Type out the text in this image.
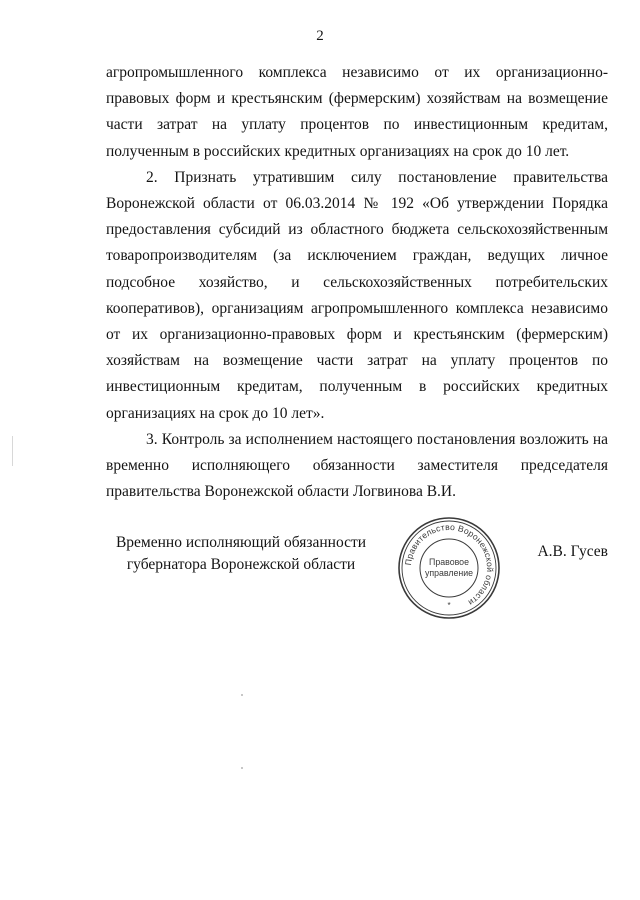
2

агропромышленного комплекса независимо от их организационно-правовых форм и крестьянским (фермерским) хозяйствам на возмещение части затрат на уплату процентов по инвестиционным кредитам, полученным в российских кредитных организациях на срок до 10 лет.

2. Признать утратившим силу постановление правительства Воронежской области от 06.03.2014 № 192 «Об утверждении Порядка предоставления субсидий из областного бюджета сельскохозяйственным товаропроизводителям (за исключением граждан, ведущих личное подсобное хозяйство, и сельскохозяйственных потребительских кооперативов), организациям агропромышленного комплекса независимо от их организационно-правовых форм и крестьянским (фермерским) хозяйствам на возмещение части затрат на уплату процентов по инвестиционным кредитам, полученным в российских кредитных организациях на срок до 10 лет».

3. Контроль за исполнением настоящего постановления возложить на временно исполняющего обязанности заместителя председателя правительства Воронежской области Логвинова В.И.

Временно исполняющий обязанности
губернатора Воронежской области	Правительство Воронежской области
Правовое
управление
*
А.В. Гусев
